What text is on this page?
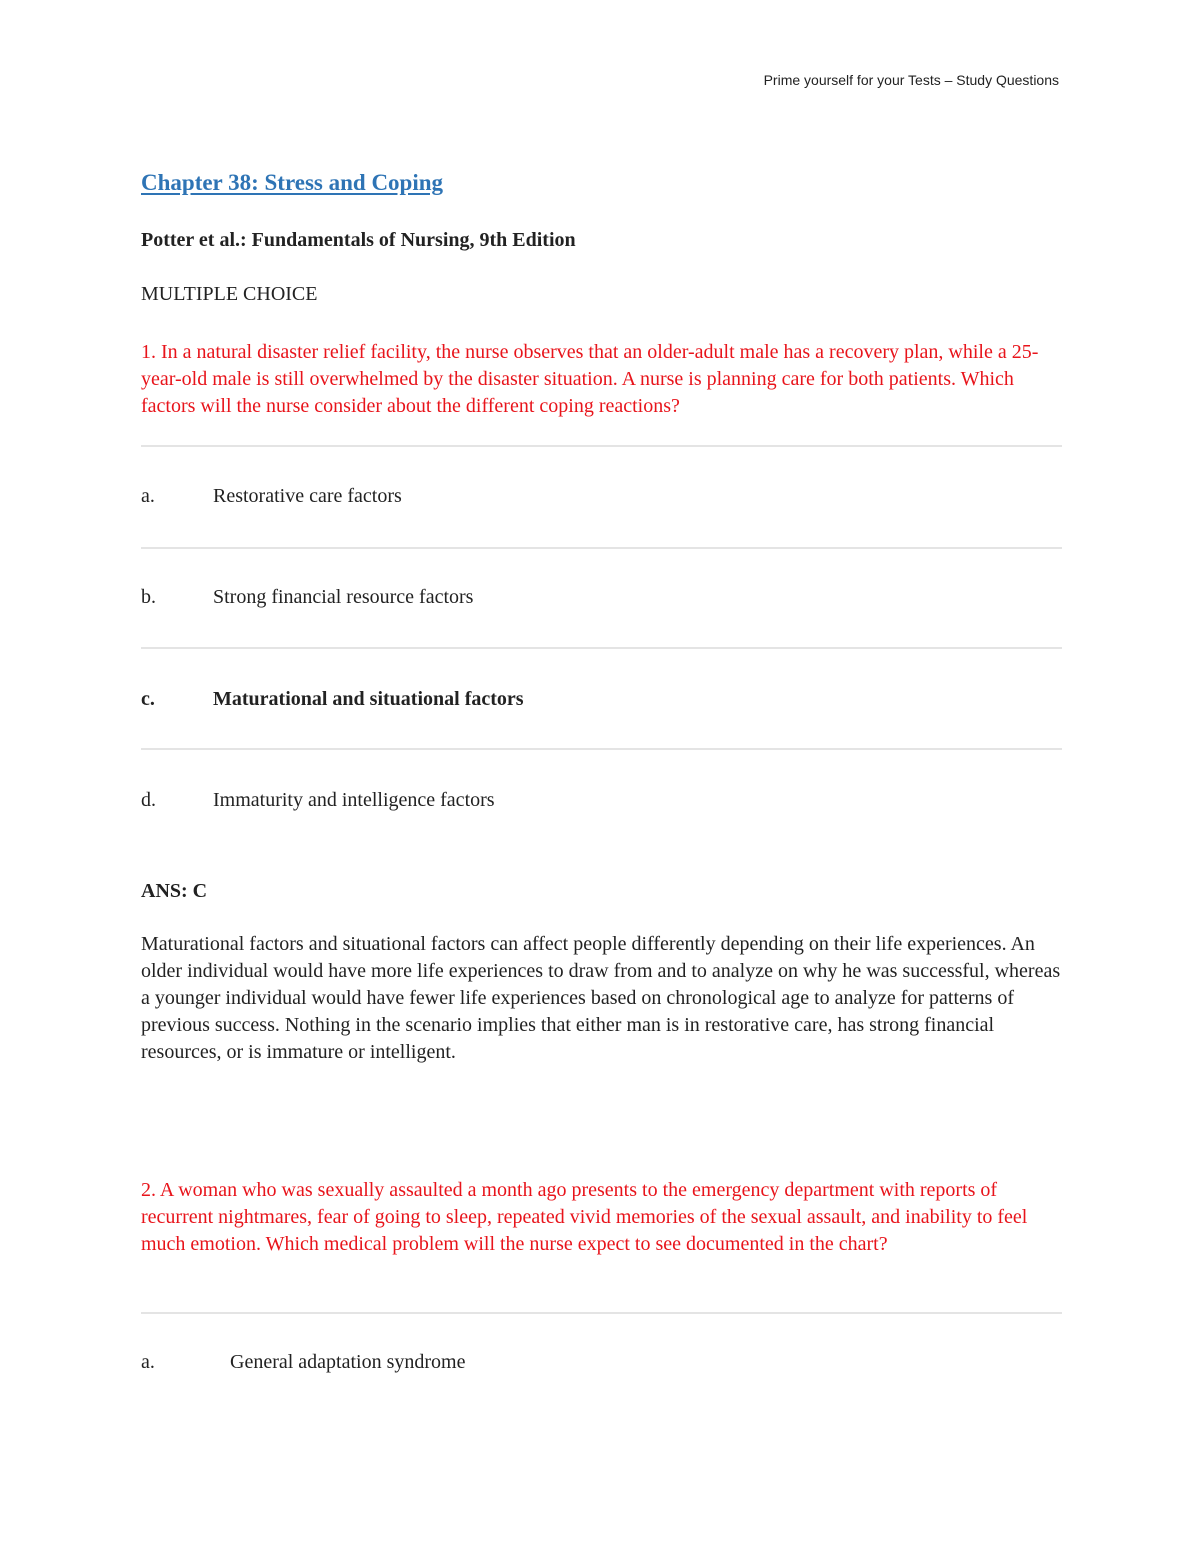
Prime yourself for your Tests – Study Questions
Chapter 38: Stress and Coping
Potter et al.: Fundamentals of Nursing, 9th Edition
MULTIPLE CHOICE
1. In a natural disaster relief facility, the nurse observes that an older-adult male has a recovery plan, while a 25-year-old male is still overwhelmed by the disaster situation. A nurse is planning care for both patients. Which factors will the nurse consider about the different coping reactions?
a.	Restorative care factors
b.	Strong financial resource factors
c.	Maturational and situational factors
d.	Immaturity and intelligence factors
ANS: C
Maturational factors and situational factors can affect people differently depending on their life experiences. An older individual would have more life experiences to draw from and to analyze on why he was successful, whereas a younger individual would have fewer life experiences based on chronological age to analyze for patterns of previous success. Nothing in the scenario implies that either man is in restorative care, has strong financial resources, or is immature or intelligent.
2. A woman who was sexually assaulted a month ago presents to the emergency department with reports of recurrent nightmares, fear of going to sleep, repeated vivid memories of the sexual assault, and inability to feel much emotion. Which medical problem will the nurse expect to see documented in the chart?
a.	General adaptation syndrome
